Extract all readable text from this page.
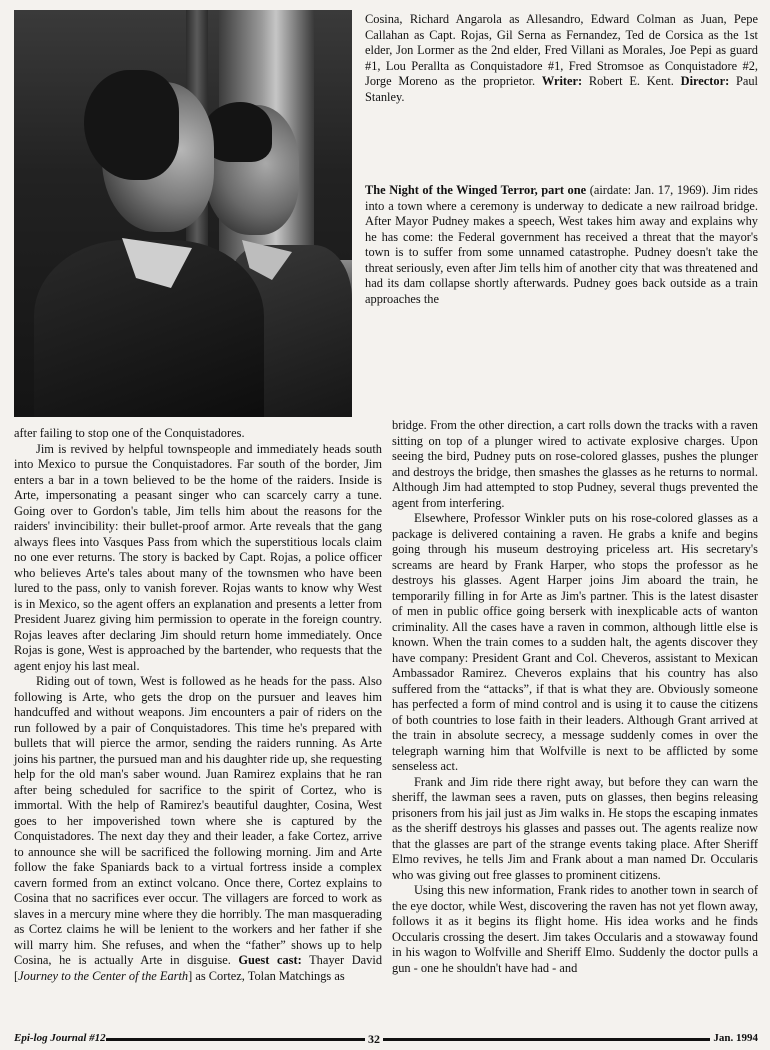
Cosina, Richard Angarola as Allesandro, Edward Colman as Juan, Pepe Callahan as Capt. Rojas, Gil Serna as Fernandez, Ted de Corsica as the 1st elder, Jon Lormer as the 2nd elder, Fred Villani as Morales, Joe Pepi as guard #1, Lou Perallta as Conquistadore #1, Fred Stromsoe as Conquistadore #2, Jorge Moreno as the proprietor. Writer: Robert E. Kent. Director: Paul Stanley.

The Night of the Winged Terror, part one (airdate: Jan. 17, 1969). Jim rides into a town where a ceremony is underway to dedicate a new railroad bridge. After Mayor Pudney makes a speech, West takes him away and explains why he has come: the Federal government has received a threat that the mayor's town is to suffer from some unnamed catastrophe. Pudney doesn't take the threat seriously, even after Jim tells him of another city that was threatened and had its dam collapse shortly afterwards. Pudney goes back outside as a train approaches the

bridge. From the other direction, a cart rolls down the tracks with a raven sitting on top of a plunger wired to activate explosive charges. Upon seeing the bird, Pudney puts on rose-colored glasses, pushes the plunger and destroys the bridge, then smashes the glasses as he returns to normal. Although Jim had attempted to stop Pudney, several thugs prevented the agent from interfering.

Elsewhere, Professor Winkler puts on his rose-colored glasses as a package is delivered containing a raven. He grabs a knife and begins going through his museum destroying priceless art. His secretary's screams are heard by Frank Harper, who stops the professor as he destroys his glasses. Agent Harper joins Jim aboard the train, he temporarily filling in for Arte as Jim's partner. This is the latest disaster of men in public office going berserk with inexplicable acts of wanton criminality. All the cases have a raven in common, although little else is known. When the train comes to a sudden halt, the agents discover they have company: President Grant and Col. Cheveros, assistant to Mexican Ambassador Ramirez. Cheveros explains that his country has also suffered from the “attacks”, if that is what they are. Obviously someone has perfected a form of mind control and is using it to cause the citizens of both countries to lose faith in their leaders. Although Grant arrived at the train in absolute secrecy, a message suddenly comes in over the telegraph warning him that Wolfville is next to be afflicted by some senseless act.

Frank and Jim ride there right away, but before they can warn the sheriff, the lawman sees a raven, puts on glasses, then begins releasing prisoners from his jail just as Jim walks in. He stops the escaping inmates as the sheriff destroys his glasses and passes out. The agents realize now that the glasses are part of the strange events taking place. After Sheriff Elmo revives, he tells Jim and Frank about a man named Dr. Occularis who was giving out free glasses to prominent citizens.

Using this new information, Frank rides to another town in search of the eye doctor, while West, discovering the raven has not yet flown away, follows it as it begins its flight home. His idea works and he finds Occularis crossing the desert. Jim takes Occularis and a stowaway found in his wagon to Wolfville and Sheriff Elmo. Suddenly the doctor pulls a gun - one he shouldn't have had - and

after failing to stop one of the Conquistadores.

Jim is revived by helpful townspeople and immediately heads south into Mexico to pursue the Conquistadores. Far south of the border, Jim enters a bar in a town believed to be the home of the raiders. Inside is Arte, impersonating a peasant singer who can scarcely carry a tune. Going over to Gordon's table, Jim tells him about the reasons for the raiders' invincibility: their bullet-proof armor. Arte reveals that the gang always flees into Vasques Pass from which the superstitious locals claim no one ever returns. The story is backed by Capt. Rojas, a police officer who believes Arte's tales about many of the townsmen who have been lured to the pass, only to vanish forever. Rojas wants to know why West is in Mexico, so the agent offers an explanation and presents a letter from President Juarez giving him permission to operate in the foreign country. Rojas leaves after declaring Jim should return home immediately. Once Rojas is gone, West is approached by the bartender, who requests that the agent enjoy his last meal.

Riding out of town, West is followed as he heads for the pass. Also following is Arte, who gets the drop on the pursuer and leaves him handcuffed and without weapons. Jim encounters a pair of riders on the run followed by a pair of Conquistadores. This time he's prepared with bullets that will pierce the armor, sending the raiders running. As Arte joins his partner, the pursued man and his daughter ride up, she requesting help for the old man's saber wound. Juan Ramirez explains that he ran after being scheduled for sacrifice to the spirit of Cortez, who is immortal. With the help of Ramirez's beautiful daughter, Cosina, West goes to her impoverished town where she is captured by the Conquistadores. The next day they and their leader, a fake Cortez, arrive to announce she will be sacrificed the following morning. Jim and Arte follow the fake Spaniards back to a virtual fortress inside a complex cavern formed from an extinct volcano. Once there, Cortez explains to Cosina that no sacrifices ever occur. The villagers are forced to work as slaves in a mercury mine where they die horribly. The man masquerading as Cortez claims he will be lenient to the workers and her father if she will marry him. She refuses, and when the “father” shows up to help Cosina, he is actually Arte in disguise. Guest cast: Thayer David [Journey to the Center of the Earth] as Cortez, Tolan Matchings as

Epi-log Journal #12	32	Jan. 1994
